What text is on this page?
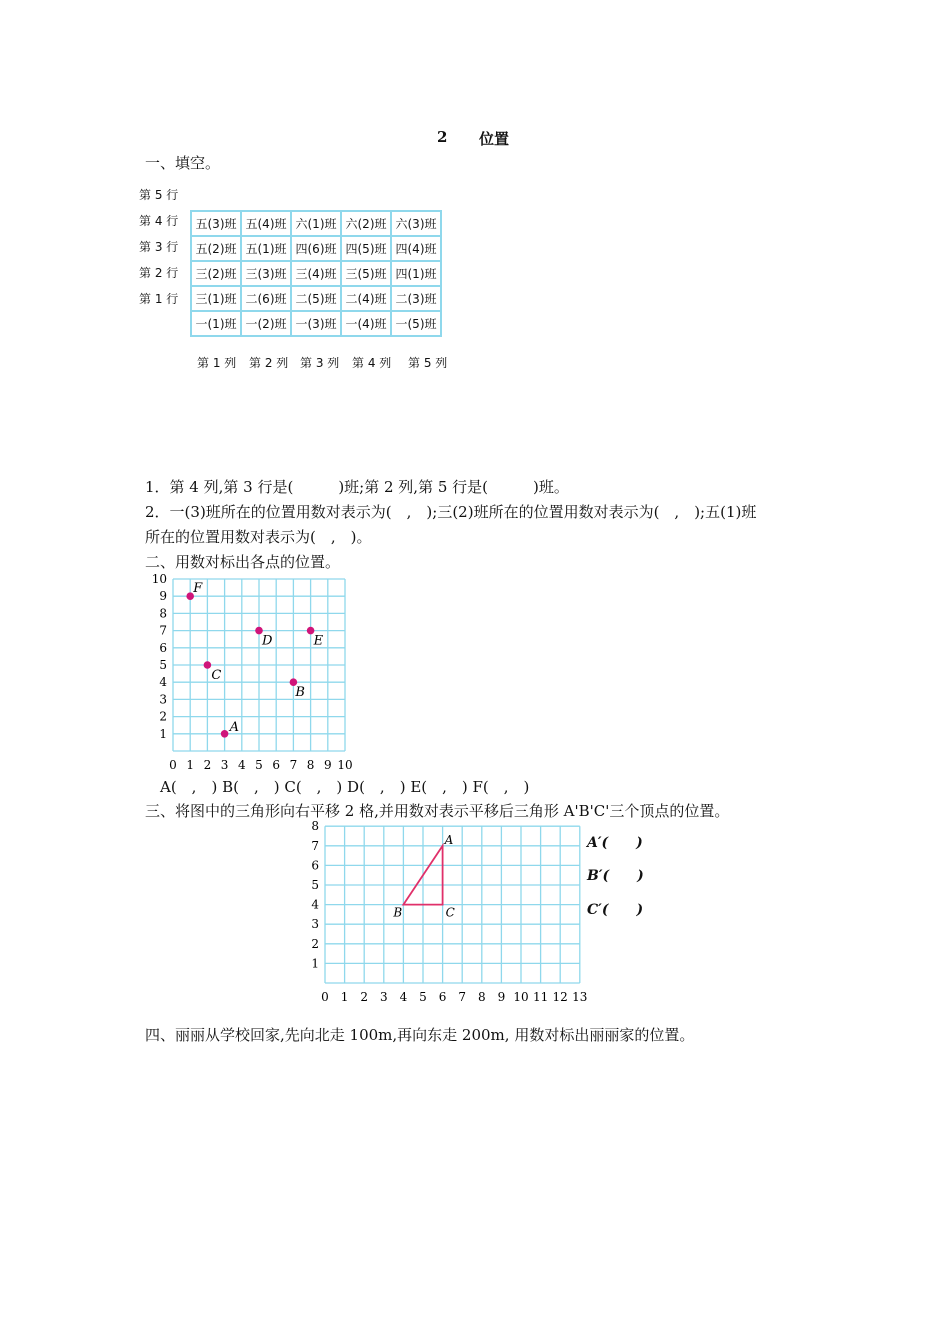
2 位置
一、填空。
第 5 行
第 4 行
第 3 行
第 2 行
第 1 行
五(3)班	五(4)班	六(1)班	六(2)班	六(3)班
五(2)班	五(1)班	四(6)班	四(5)班	四(4)班
三(2)班	三(3)班	三(4)班	三(5)班	四(1)班
三(1)班	二(6)班	二(5)班	二(4)班	二(3)班
一(1)班	一(2)班	一(3)班	一(4)班	一(5)班
第 1 列 第 2 列 第 3 列 第 4 列 第 5 列
1．第 4 列,第 3 行是(　　　)班;第 2 列,第 5 行是(　　　)班。
2．一(3)班所在的位置用数对表示为(　,　);三(2)班所在的位置用数对表示为(　,　);五(1)班
所在的位置用数对表示为(　,　)。
二、用数对标出各点的位置。
0 1 2 3 4 5 6 7 8 9 10
1
2
3
4
5
6
7
8
9
10
A
B
C
D	E
F
A(　,　) B(　,　) C(　,　) D(　,　) E(　,　) F(　,　)
三、将图中的三角形向右平移 2 格,并用数对表示平移后三角形 A'B'C'三个顶点的位置。
0 1 2 3 4 5 6 7 8 9 10 11 12 13
1
2
3
4
5
6
7
8
A
B	C
A′(　　)
B′(　　)
C′(　　)
四、丽丽从学校回家,先向北走 100m,再向东走 200m, 用数对标出丽丽家的位置。
